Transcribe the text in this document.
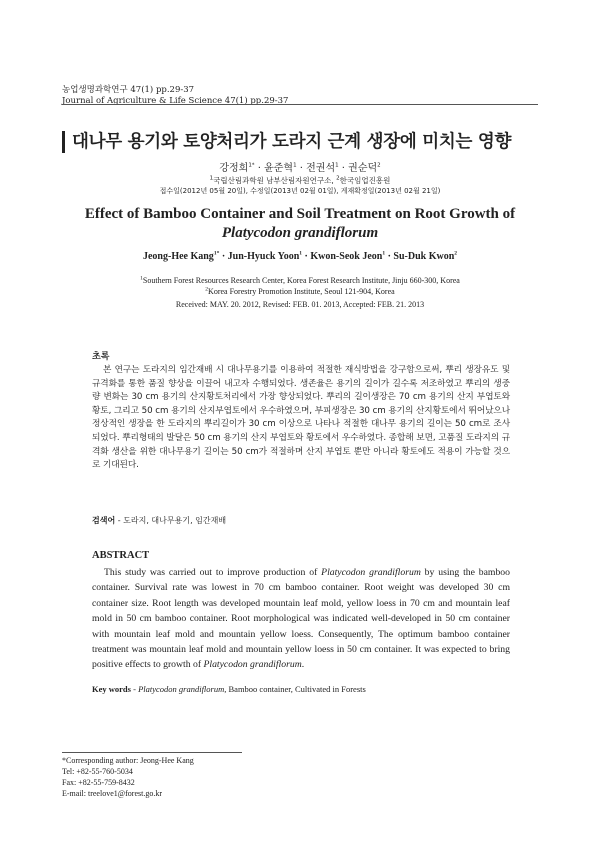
농업생명과학연구 47(1) pp.29-37
Journal of Agriculture & Life Science 47(1) pp.29-37
대나무 용기와 토양처리가 도라지 근계 생장에 미치는 영향
강정희$^{1*}$ · 윤준혁$^1$ · 전권석$^1$ · 권순덕$^2$
$^1$국립산림과학원 남부산림자원연구소, $^2$한국임업진흥원
접수일(2012년 05월 20일), 수정일(2013년 02월 01일), 게재확정일(2013년 02월 21일)
Effect of Bamboo Container and Soil Treatment on Root Growth of
Platycodon grandiflorum
Jeong-Hee Kang$^{1*}$ · Jun-Hyuck Yoon$^1$ · Kwon-Seok Jeon$^1$ · Su-Duk Kwon$^2$
$^1$Southern Forest Resources Research Center, Korea Forest Research Institute, Jinju 660-300, Korea
$^2$Korea Forestry Promotion Institute, Seoul 121-904, Korea
Received: MAY. 20. 2012, Revised: FEB. 01. 2013, Accepted: FEB. 21. 2013
초록
본 연구는 도라지의 임간재배 시 대나무용기를 이용하여 적절한 재식방법을 강구함으로써, 뿌리 생장유도 및 규격화를 통한 품질 향상을 이끌어 내고자 수행되었다. 생존율은 용기의 길이가 길수록 저조하였고 뿌리의 생중량 변화는 30 cm 용기의 산지황토처리에서 가장 향상되었다. 뿌리의 길이생장은 70 cm 용기의 산지 부엽토와 황토, 그리고 50 cm 용기의 산지부엽토에서 우수하였으며, 부피생장은 30 cm 용기의 산지황토에서 뛰어났으나 정상적인 생장을 한 도라지의 뿌리길이가 30 cm 이상으로 나타나 적절한 대나무 용기의 길이는 50 cm로 조사되었다. 뿌리형태의 발달은 50 cm 용기의 산지 부엽토와 황토에서 우수하였다. 종합해 보면, 고품질 도라지의 규격화 생산을 위한 대나무용기 길이는 50 cm가 적절하며 산지 부엽토 뿐만 아니라 황토에도 적용이 가능할 것으로 기대된다.
검색어 - 도라지, 대나무용기, 임간재배
ABSTRACT
This study was carried out to improve production of Platycodon grandiflorum by using the bamboo container. Survival rate was lowest in 70 cm bamboo container. Root weight was developed 30 cm container size. Root length was developed mountain leaf mold, yellow loess in 70 cm and mountain leaf mold in 50 cm bamboo container. Root morphological was indicated well-developed in 50 cm container with mountain leaf mold and mountain yellow loess. Consequently, The optimum bamboo container treatment was mountain leaf mold and mountain yellow loess in 50 cm container. It was expected to bring positive effects to growth of Platycodon grandiflorum.
Key words - Platycodon grandiflorum, Bamboo container, Cultivated in Forests
*Corresponding author: Jeong-Hee Kang
Tel: +82-55-760-5034
Fax: +82-55-759-8432
E-mail: treelove1@forest.go.kr
